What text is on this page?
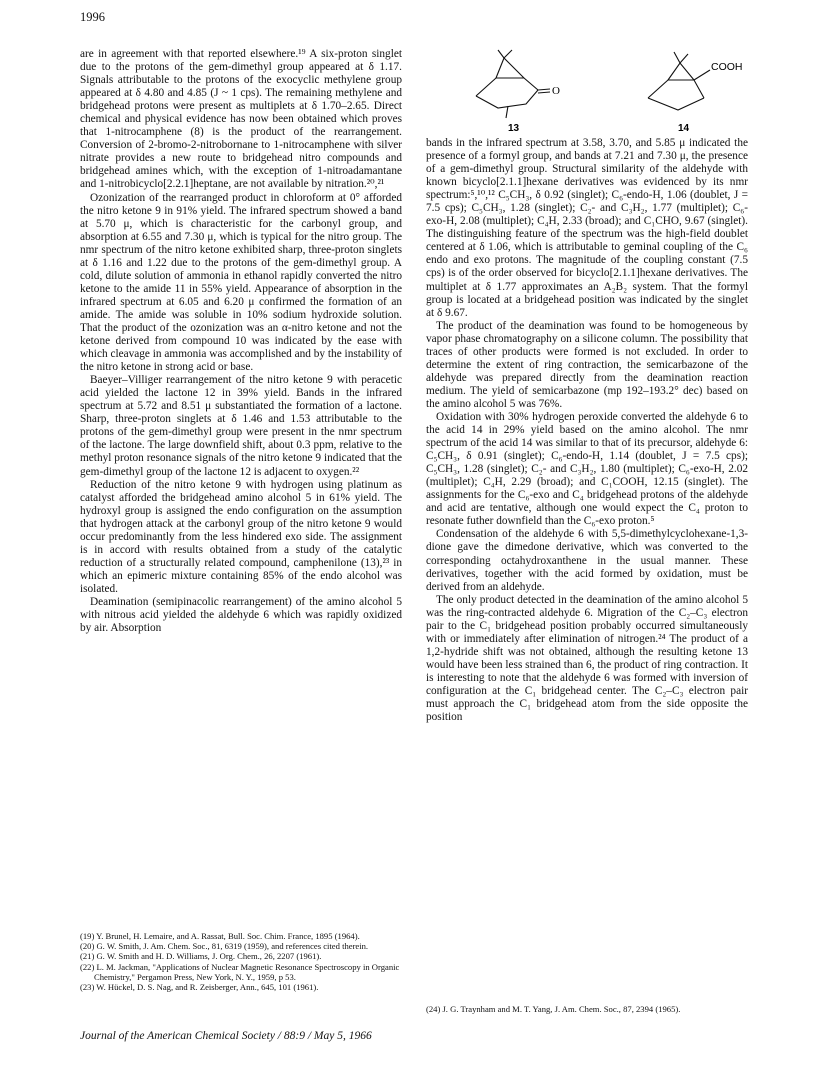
1996
O
13
COOH
14

are in agreement with that reported elsewhere.¹⁹ A six-proton singlet due to the protons of the gem-dimethyl group appeared at δ 1.17. Signals attributable to the protons of the exocyclic methylene group appeared at δ 4.80 and 4.85 (J ~ 1 cps). The remaining methylene and bridgehead protons were present as multiplets at δ 1.70–2.65. Direct chemical and physical evidence has now been obtained which proves that 1-nitrocamphene (8) is the product of the rearrangement. Conversion of 2-bromo-2-nitrobornane to 1-nitrocamphene with silver nitrate provides a new route to bridgehead nitro compounds and bridgehead amines which, with the exception of 1-nitroadamantane and 1-nitrobicyclo[2.2.1]heptane, are not available by nitration.²⁰,²¹

Ozonization of the rearranged product in chloroform at 0° afforded the nitro ketone 9 in 91% yield. The infrared spectrum showed a band at 5.70 μ, which is characteristic for the carbonyl group, and absorption at 6.55 and 7.30 μ, which is typical for the nitro group. The nmr spectrum of the nitro ketone exhibited sharp, three-proton singlets at δ 1.16 and 1.22 due to the protons of the gem-dimethyl group. A cold, dilute solution of ammonia in ethanol rapidly converted the nitro ketone to the amide 11 in 55% yield. Appearance of absorption in the infrared spectrum at 6.05 and 6.20 μ confirmed the formation of an amide. The amide was soluble in 10% sodium hydroxide solution. That the product of the ozonization was an α-nitro ketone and not the ketone derived from compound 10 was indicated by the ease with which cleavage in ammonia was accomplished and by the instability of the nitro ketone in strong acid or base.

Baeyer–Villiger rearrangement of the nitro ketone 9 with peracetic acid yielded the lactone 12 in 39% yield. Bands in the infrared spectrum at 5.72 and 8.51 μ substantiated the formation of a lactone. Sharp, three-proton singlets at δ 1.46 and 1.53 attributable to the protons of the gem-dimethyl group were present in the nmr spectrum of the lactone. The large downfield shift, about 0.3 ppm, relative to the methyl proton resonance signals of the nitro ketone 9 indicated that the gem-dimethyl group of the lactone 12 is adjacent to oxygen.²²

Reduction of the nitro ketone 9 with hydrogen using platinum as catalyst afforded the bridgehead amino alcohol 5 in 61% yield. The hydroxyl group is assigned the endo configuration on the assumption that hydrogen attack at the carbonyl group of the nitro ketone 9 would occur predominantly from the less hindered exo side. The assignment is in accord with results obtained from a study of the catalytic reduction of a structurally related compound, camphenilone (13),²³ in which an epimeric mixture containing 85% of the endo alcohol was isolated.

Deamination (semipinacolic rearrangement) of the amino alcohol 5 with nitrous acid yielded the aldehyde 6 which was rapidly oxidized by air. Absorption

(19) Y. Brunel, H. Lemaire, and A. Rassat, Bull. Soc. Chim. France, 1895 (1964).

(20) G. W. Smith, J. Am. Chem. Soc., 81, 6319 (1959), and references cited therein.

(21) G. W. Smith and H. D. Williams, J. Org. Chem., 26, 2207 (1961).

(22) L. M. Jackman, "Applications of Nuclear Magnetic Resonance Spectroscopy in Organic Chemistry," Pergamon Press, New York, N. Y., 1959, p 53.

(23) W. Hückel, D. S. Nag, and R. Zeisberger, Ann., 645, 101 (1961).

bands in the infrared spectrum at 3.58, 3.70, and 5.85 μ indicated the presence of a formyl group, and bands at 7.21 and 7.30 μ, the presence of a gem-dimethyl group. Structural similarity of the aldehyde with known bicyclo[2.1.1]hexane derivatives was evidenced by its nmr spectrum:⁵,¹⁰,¹² C₅CH₃, δ 0.92 (singlet); C₆-endo-H, 1.06 (doublet, J = 7.5 cps); C₅CH₃, 1.28 (singlet); C₂- and C₃H₂, 1.77 (multiplet); C₆-exo-H, 2.08 (multiplet); C₄H, 2.33 (broad); and C₁CHO, 9.67 (singlet). The distinguishing feature of the spectrum was the high-field doublet centered at δ 1.06, which is attributable to geminal coupling of the C₆ endo and exo protons. The magnitude of the coupling constant (7.5 cps) is of the order observed for bicyclo[2.1.1]hexane derivatives. The multiplet at δ 1.77 approximates an A₂B₂ system. That the formyl group is located at a bridgehead position was indicated by the singlet at δ 9.67.

The product of the deamination was found to be homogeneous by vapor phase chromatography on a silicone column. The possibility that traces of other products were formed is not excluded. In order to determine the extent of ring contraction, the semicarbazone of the aldehyde was prepared directly from the deamination reaction medium. The yield of semicarbazone (mp 192–193.2° dec) based on the amino alcohol 5 was 76%.

Oxidation with 30% hydrogen peroxide converted the aldehyde 6 to the acid 14 in 29% yield based on the amino alcohol. The nmr spectrum of the acid 14 was similar to that of its precursor, aldehyde 6: C₅CH₃, δ 0.91 (singlet); C₆-endo-H, 1.14 (doublet, J = 7.5 cps); C₅CH₃, 1.28 (singlet); C₂- and C₃H₂, 1.80 (multiplet); C₆-exo-H, 2.02 (multiplet); C₄H, 2.29 (broad); and C₁COOH, 12.15 (singlet). The assignments for the C₆-exo and C₄ bridgehead protons of the aldehyde and acid are tentative, although one would expect the C₄ proton to resonate futher downfield than the C₆-exo proton.⁵

Condensation of the aldehyde 6 with 5,5-dimethylcyclohexane-1,3-dione gave the dimedone derivative, which was converted to the corresponding octahydroxanthene in the usual manner. These derivatives, together with the acid formed by oxidation, must be derived from an aldehyde.

The only product detected in the deamination of the amino alcohol 5 was the ring-contracted aldehyde 6. Migration of the C₂–C₃ electron pair to the C₁ bridgehead position probably occurred simultaneously with or immediately after elimination of nitrogen.²⁴ The product of a 1,2-hydride shift was not obtained, although the resulting ketone 13 would have been less strained than 6, the product of ring contraction. It is interesting to note that the aldehyde 6 was formed with inversion of configuration at the C₁ bridgehead center. The C₂–C₃ electron pair must approach the C₁ bridgehead atom from the side opposite the position

(24) J. G. Traynham and M. T. Yang, J. Am. Chem. Soc., 87, 2394 (1965).

Journal of the American Chemical Society / 88:9 / May 5, 1966
